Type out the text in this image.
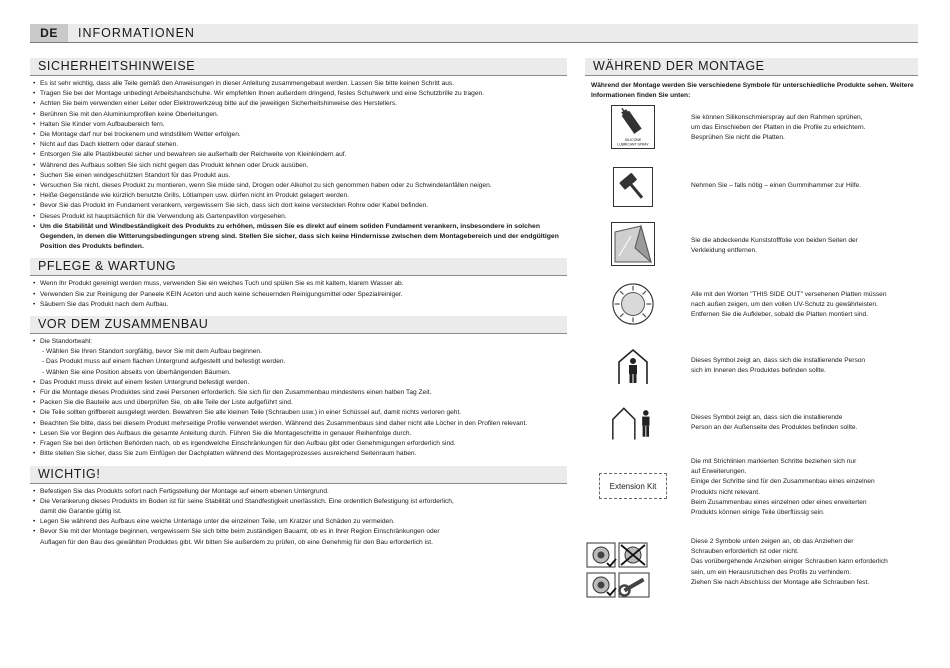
DE	INFORMATIONEN
SICHERHEITSHINWEISE
• Es ist sehr wichtig, dass alle Teile gemäß den Anweisungen in dieser Anleitung zusammengebaut werden. Lassen Sie bitte keinen Schritt aus.
• Tragen Sie bei der Montage unbedingt Arbeitshandschuhe. Wir empfehlen Ihnen außerdem dringend, festes Schuhwerk und eine Schutzbrille zu tragen.
• Achten Sie beim verwenden einer Leiter oder Elektrowerkzeug bitte auf die jeweiligen Sicherheitshinweise des Herstellers.
• Berühren Sie mit den Aluminiumprofilen keine Oberleitungen.
• Halten Sie Kinder vom Aufbaubereich fern.
• Die Montage darf nur bei trockenem und windstillem Wetter erfolgen.
• Nicht auf das Dach klettern oder darauf stehen.
• Entsorgen Sie alle Plastikbeutel sicher und bewahren sie außerhalb der Reichweite von Kleinkindern auf.
• Während des Aufbaus sollten Sie sich nicht gegen das Produkt lehnen oder Druck ausüben.
• Suchen Sie einen windgeschützten Standort für das Produkt aus.
• Versuchen Sie nicht, dieses Produkt zu montieren, wenn Sie müde sind, Drogen oder Alkohol zu sich genommen haben oder zu Schwindelanfällen neigen.
• Heiße Gegenstände wie kürzlich benutzte Grills, Lötlampen usw. dürfen nicht im Produkt gelagert werden.
• Bevor Sie das Produkt im Fundament verankern, vergewissern Sie sich, dass sich dort keine versteckten Rohre oder Kabel befinden.
• Dieses Produkt ist hauptsächlich für die Verwendung als Gartenpavillon vorgesehen.
• Um die Stabilität und Windbeständigkeit des Produkts zu erhöhen, müssen Sie es direkt auf einem soliden Fundament verankern, insbesondere in solchen Gegenden, in denen die Witterungsbedingungen streng sind. Stellen Sie sicher, dass sich keine Hindernisse zwischen dem Montagebereich und der endgültigen Position des Produkts befinden.
PFLEGE & WARTUNG
• Wenn Ihr Produkt gereinigt werden muss, verwenden Sie ein weiches Tuch und spülen Sie es mit kaltem, klarem Wasser ab.
• Verwenden Sie zur Reinigung der Paneele KEIN Aceton und auch keine scheuernden Reinigungsmittel oder Spezialreiniger.
• Säubern Sie das Produkt nach dem Aufbau.
VOR DEM ZUSAMMENBAU
• Die Standortwahl:
- Wählen Sie Ihren Standort sorgfältig, bevor Sie mit dem Aufbau beginnen.
- Das Produkt muss auf einem flachen Untergrund aufgestellt und befestigt werden.
- Wählen Sie eine Position abseits von überhängenden Bäumen.
• Das Produkt muss direkt auf einem festen Untergrund befestigt werden.
• Für die Montage dieses Produktes sind zwei Personen erforderlich. Sie sich für den Zusammenbau mindestens einen halben Tag Zeit.
• Packen Sie die Bauteile aus und überprüfen Sie, ob alle Teile der Liste aufgeführt sind.
• Die Teile sollten griffbereit ausgelegt werden. Bewahren Sie alle kleinen Teile (Schrauben usw.) in einer Schüssel auf, damit nichts verloren geht.
• Beachten Sie bitte, dass bei diesem Produkt mehrseitige Profile verwendet werden. Während des Zusammenbaus sind daher nicht alle Löcher in den Profilen relevant.
• Lesen Sie vor Beginn des Aufbaus die gesamte Anleitung durch. Führen Sie die Montageschritte in genauer Reihenfolge durch.
• Fragen Sie bei den örtlichen Behörden nach, ob es irgendwelche Einschränkungen für den Aufbau gibt oder Genehmigungen erforderlich sind.
• Bitte stellen Sie sicher, dass Sie zum Einfügen der Dachplatten während des Montageprozesses ausreichend Seitenraum haben.
WICHTIG!
• Befestigen Sie das Produkts sofort nach Fertigstellung der Montage auf einem ebenen Untergrund.
• Die Verankerung dieses Produkts im Boden ist für seine Stabilität und Standfestigkeit unerlässlich. Eine ordentlich Befestigung ist erforderlich,
damit die Garantie gültig ist.
• Legen Sie während des Aufbaus eine weiche Unterlage unter die einzelnen Teile, um Kratzer und Schäden zu vermeiden.
• Bevor Sie mit der Montage beginnen, vergewissern Sie sich bitte beim zuständigen Bauamt, ob es in Ihrer Region Einschränkungen oder
Auflagen für den Bau des gewählten Produktes gibt. Wir bitten Sie außerdem zu prüfen, ob eine Genehmig für den Bau erforderlich ist.
WÄHREND DER MONTAGE
Während der Montage werden Sie verschiedene Symbole für unterschiedliche Produkte sehen. Weitere Informationen finden Sie unten:
SILICONE
LUBRICANT SPRAY
Sie können Silikonschmierspray auf den Rahmen sprühen,
um das Einschieben der Platten in die Profile zu erleichtern.
Besprühen Sie nicht die Platten.
Nehmen Sie – falls nötig – einen Gummihammer zur Hilfe.
Sie die abdeckende Kunststofffolie von beiden Seiten der
Verkleidung entfernen.
Alle mit den Worten "THIS SIDE OUT" versehenen Platten müssen
nach außen zeigen, um den vollen UV-Schutz zu gewährleisten.
Entfernen Sie die Aufkleber, sobald die Platten montiert sind.
Dieses Symbol zeigt an, dass sich die installierende Person
sich im Inneren des Produktes befinden sollte.
Dieses Symbol zeigt an, dass sich die installierende
Person an der Außenseite des Produktes befinden sollte.
Extension Kit
Die mit Strichlinien markierten Schritte beziehen sich nur
auf Erweiterungen.
Einige der Schritte sind für den Zusammenbau eines einzelnen
Produkts nicht relevant.
Beim Zusammenbau eines einzelnen oder eines erweiterten
Produkts können einige Teile überflüssig sein.
Diese 2 Symbole unten zeigen an, ob das Anziehen der
Schrauben erforderlich ist oder nicht.
Das vorübergehende Anziehen einiger Schrauben kann erforderlich
sein, um ein Herausrutschen des Profils zu verhindern.
Ziehen Sie nach Abschluss der Montage alle Schrauben fest.
